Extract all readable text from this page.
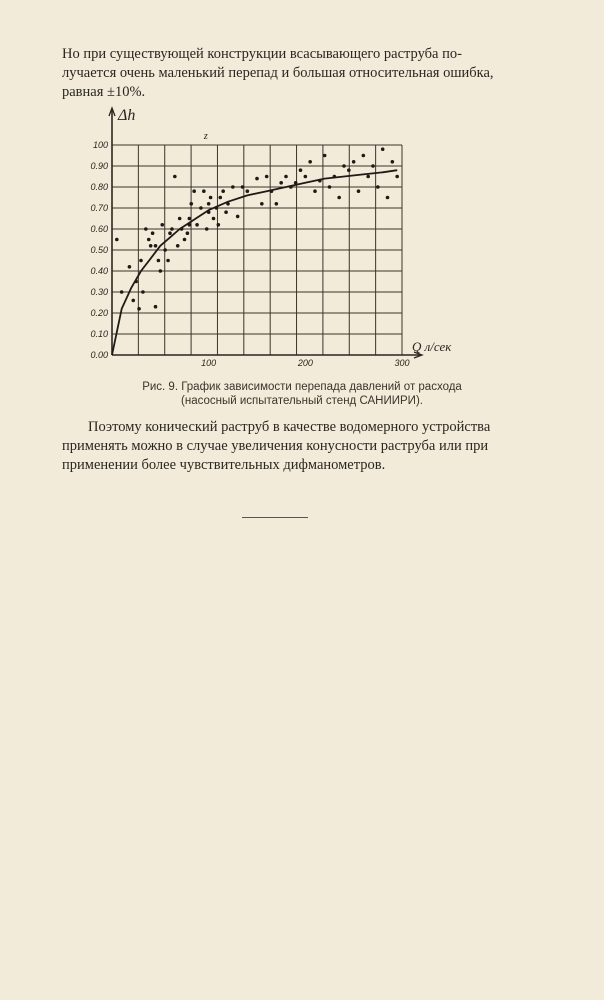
Но при существующей конструкции всасывающего раструба по-
лучается очень маленький перепад и большая относительная ошибка,
равная ±10%.
0.00
0.10
0.20
0.30
0.40
0.50
0.60
0.70
0.80
0.90
100
100	200	300
Δh
Q л/сек
z
Рис. 9. График зависимости перепада давлений от расхода
(насосный испытательный стенд САНИИРИ).
Поэтому конический раструб в качестве водомерного устройства
применять можно в случае увеличения конусности раструба или при
применении более чувствительных дифманометров.
